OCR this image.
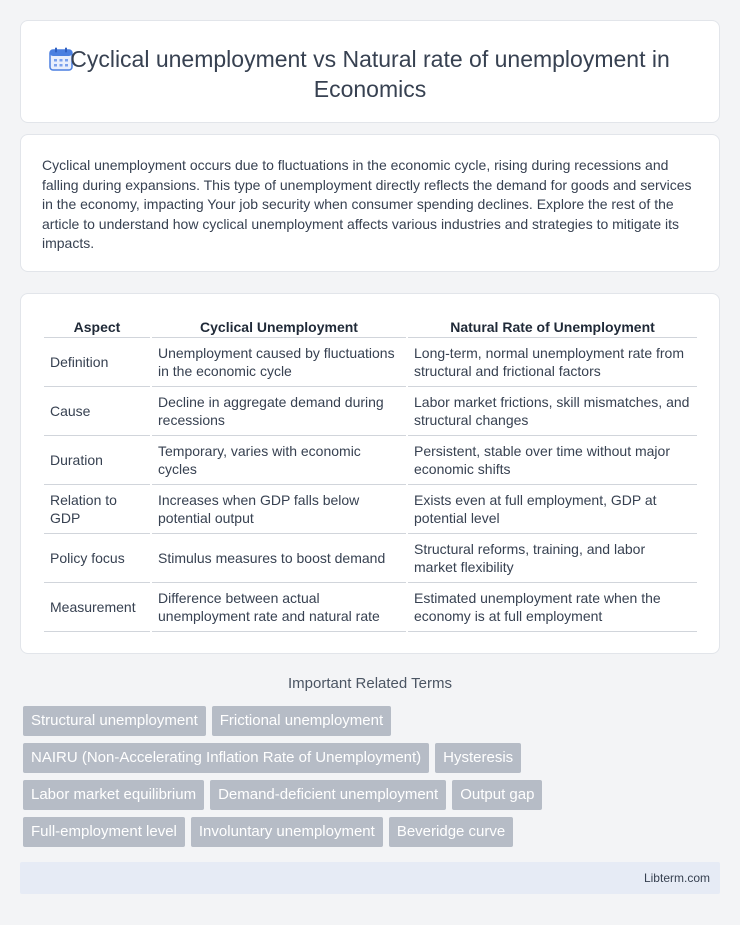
Cyclical unemployment vs Natural rate of unemployment in Economics

Cyclical unemployment occurs due to fluctuations in the economic cycle, rising during recessions and falling during expansions. This type of unemployment directly reflects the demand for goods and services in the economy, impacting Your job security when consumer spending declines. Explore the rest of the article to understand how cyclical unemployment affects various industries and strategies to mitigate its impacts.

Aspect	Cyclical Unemployment	Natural Rate of Unemployment
Definition	Unemployment caused by fluctuations in the economic cycle	Long-term, normal unemployment rate from structural and frictional factors
Cause	Decline in aggregate demand during recessions	Labor market frictions, skill mismatches, and structural changes
Duration	Temporary, varies with economic cycles	Persistent, stable over time without major economic shifts
Relation to GDP	Increases when GDP falls below potential output	Exists even at full employment, GDP at potential level
Policy focus	Stimulus measures to boost demand	Structural reforms, training, and labor market flexibility
Measurement	Difference between actual unemployment rate and natural rate	Estimated unemployment rate when the economy is at full employment
Important Related Terms
Structural unemployment	Frictional unemployment
NAIRU (Non-Accelerating Inflation Rate of Unemployment)	Hysteresis
Labor market equilibrium	Demand-deficient unemployment	Output gap
Full-employment level	Involuntary unemployment	Beveridge curve
Libterm.com
